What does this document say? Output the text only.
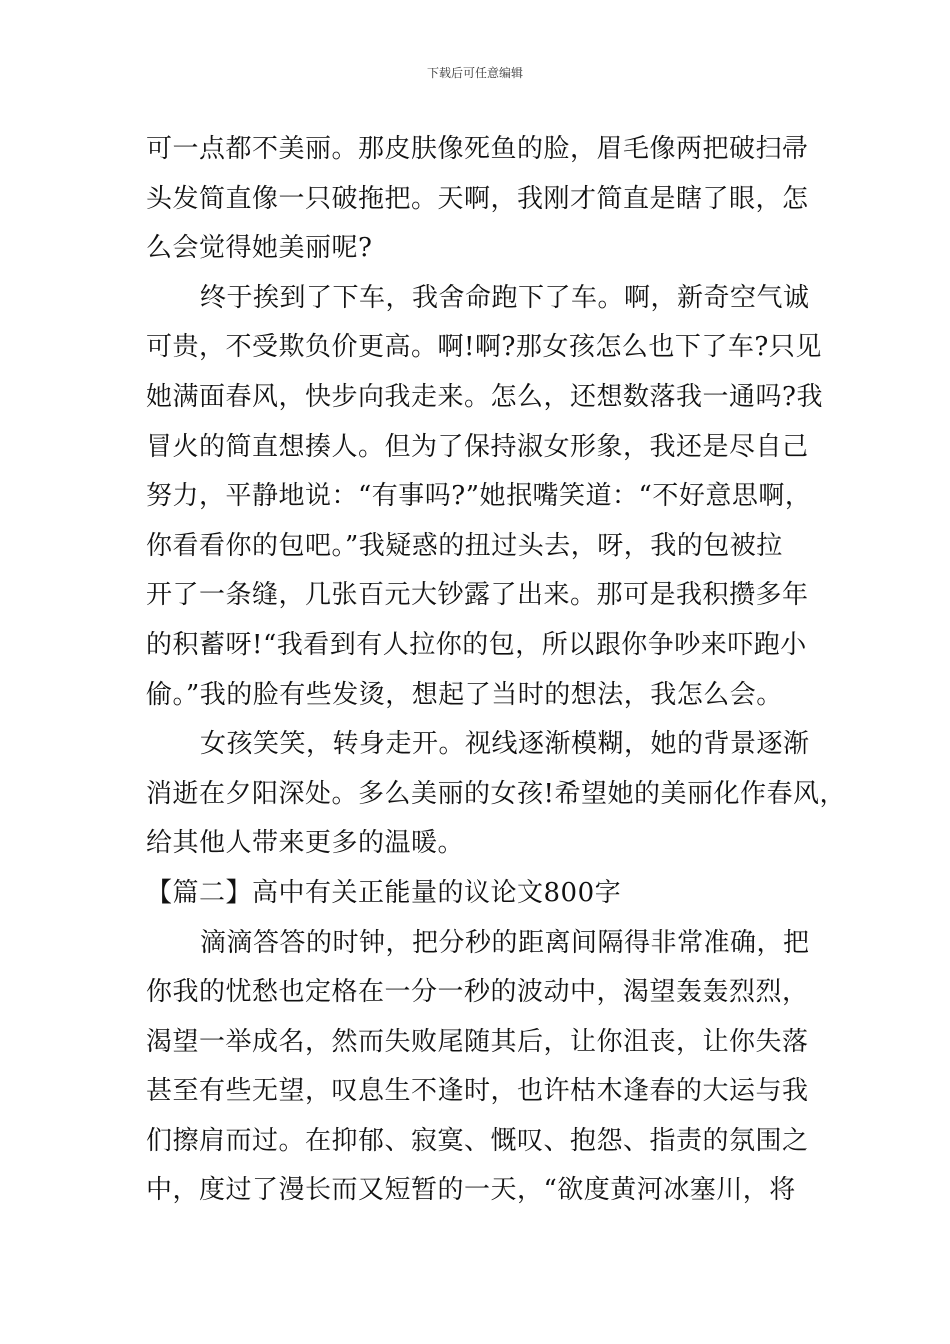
下载后可任意编辑
可一点都不美丽。那皮肤像死鱼的脸，眉毛像两把破扫帚
头发简直像一只破拖把。天啊，我刚才简直是瞎了眼，怎
么会觉得她美丽呢?
终于挨到了下车，我舍命跑下了车。啊，新奇空气诚
可贵，不受欺负价更高。啊!啊?那女孩怎么也下了车?只见
她满面春风，快步向我走来。怎么，还想数落我一通吗?我
冒火的简直想揍人。但为了保持淑女形象，我还是尽自己
努力，平静地说：“有事吗?”她抿嘴笑道：“不好意思啊，
你看看你的包吧。”我疑惑的扭过头去，呀，我的包被拉
开了一条缝，几张百元大钞露了出来。那可是我积攒多年
的积蓄呀!“我看到有人拉你的包，所以跟你争吵来吓跑小
偷。”我的脸有些发烫，想起了当时的想法，我怎么会。
女孩笑笑，转身走开。视线逐渐模糊，她的背景逐渐
消逝在夕阳深处。多么美丽的女孩!希望她的美丽化作春风，
给其他人带来更多的温暖。
【篇二】高中有关正能量的议论文800字
滴滴答答的时钟，把分秒的距离间隔得非常准确，把
你我的忧愁也定格在一分一秒的波动中，渴望轰轰烈烈，
渴望一举成名，然而失败尾随其后，让你沮丧，让你失落
甚至有些无望，叹息生不逢时，也许枯木逢春的大运与我
们擦肩而过。在抑郁、寂寞、慨叹、抱怨、指责的氛围之
中，度过了漫长而又短暂的一天，“欲度黄河冰塞川，将
